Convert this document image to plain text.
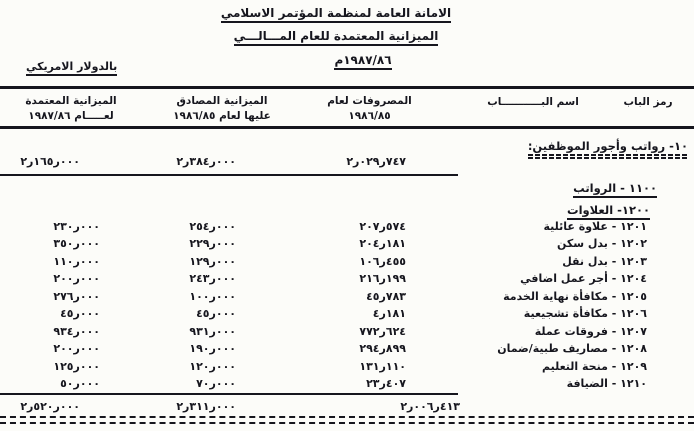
الامانة العامة لمنظمة المؤتمر الاسلامي
الميزانية المعتمدة للعام المـــالـــي
١٩٨٧/٨٦م
بالدولار الامريكي
رمز الباب
اسم البـــــــــــاب
المصروفات لعام
١٩٨٦/٨٥
الميزانية المصادق
عليها لعام ١٩٨٦/٨٥
الميزانية المعتمدة
لعـــــام ١٩٨٧/٨٦
١٠- رواتب وأجور الموظفين:
٢ر٠٢٩ر٧٤٧
٢ر٣٨٤ر٠٠٠
٢ر١٦٥ر٠٠٠
١١٠٠ - الرواتب
١٢٠٠- العلاوات
١٢٠١ - علاوة عائلية
٢٠٧ر٥٧٤
٢٥٤ر٠٠٠
٢٣٠ر٠٠٠
١٢٠٢ - بدل سكن
٢٠٤ر١٨١
٢٢٩ر٠٠٠
٣٥٠ر٠٠٠
١٢٠٣ - بدل نقل
١٠٦ر٤٥٥
١٢٩ر٠٠٠
١١٠ر٠٠٠
١٢٠٤ - أجر عمل اضافي
٢١٦ر١٩٩
٢٤٣ر٠٠٠
٢٠٠ر٠٠٠
١٢٠٥ - مكافأة نهاية الخدمة
٤٥ر٧٨٣
١٠٠ر٠٠٠
٢٧٦ر٠٠٠
١٢٠٦ - مكافأة تشجيعية
٤ر١٨١
٤٥ر٠٠٠
٤٥ر٠٠٠
١٢٠٧ - فروقات عملة
٧٧٢ر٦٢٤
٩٣١ر٠٠٠
٩٣٤ر٠٠٠
١٢٠٨ - مصاريف طبية/ضمان
٢٩٤ر٨٩٩
١٩٠ر٠٠٠
٢٠٠ر٠٠٠
١٢٠٩ - منحة التعليم
١٣١ر١١٠
١٢٠ر٠٠٠
١٢٥ر٠٠٠
١٢١٠ - الضيافة
٢٣ر٤٠٧
٧٠ر٠٠٠
٥٠ر٠٠٠
٢ر٠٠٦ر٤١٣
٢ر٣١١ر٠٠٠
٢ر٥٢٠ر٠٠٠
